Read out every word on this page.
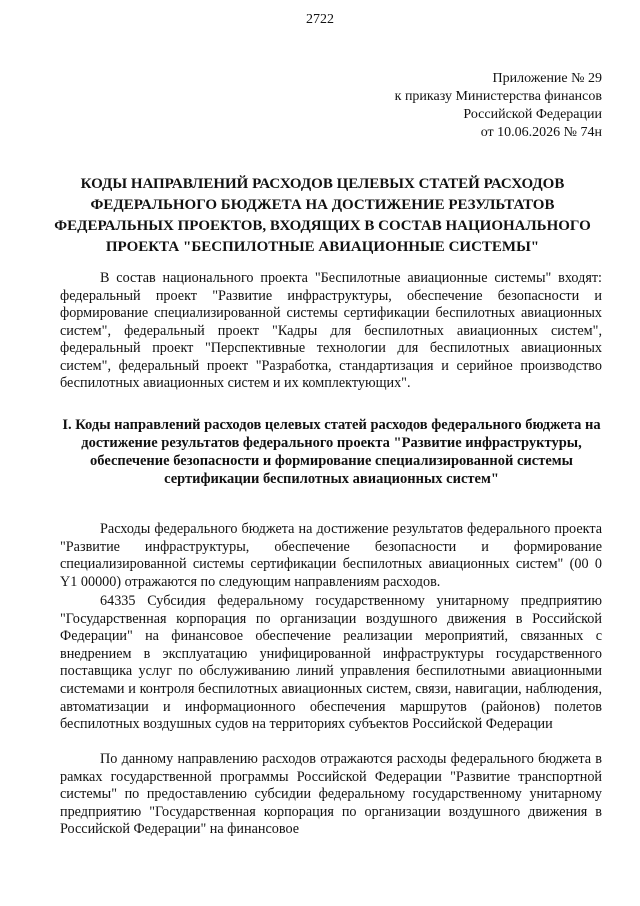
2722
Приложение № 29
к приказу Министерства финансов
Российской Федерации
от 10.06.2026 № 74н
КОДЫ НАПРАВЛЕНИЙ РАСХОДОВ ЦЕЛЕВЫХ СТАТЕЙ РАСХОДОВ ФЕДЕРАЛЬНОГО БЮДЖЕТА НА ДОСТИЖЕНИЕ РЕЗУЛЬТАТОВ ФЕДЕРАЛЬНЫХ ПРОЕКТОВ, ВХОДЯЩИХ В СОСТАВ НАЦИОНАЛЬНОГО ПРОЕКТА "БЕСПИЛОТНЫЕ АВИАЦИОННЫЕ СИСТЕМЫ"

В состав национального проекта "Беспилотные авиационные системы" входят: федеральный проект "Развитие инфраструктуры, обеспечение безопасности и формирование специализированной системы сертификации беспилотных авиационных систем", федеральный проект "Кадры для беспилотных авиационных систем", федеральный проект "Перспективные технологии для беспилотных авиационных систем", федеральный проект "Разработка, стандартизация и серийное производство беспилотных авиационных систем и их комплектующих".

I. Коды направлений расходов целевых статей расходов федерального бюджета на достижение результатов федерального проекта "Развитие инфраструктуры, обеспечение безопасности и формирование специализированной системы сертификации беспилотных авиационных систем"

Расходы федерального бюджета на достижение результатов федерального проекта "Развитие инфраструктуры, обеспечение безопасности и формирование специализированной системы сертификации беспилотных авиационных систем" (00 0 Y1 00000) отражаются по следующим направлениям расходов.

64335 Субсидия федеральному государственному унитарному предприятию "Государственная корпорация по организации воздушного движения в Российской Федерации" на финансовое обеспечение реализации мероприятий, связанных с внедрением в эксплуатацию унифицированной инфраструктуры государственного поставщика услуг по обслуживанию линий управления беспилотными авиационными системами и контроля беспилотных авиационных систем, связи, навигации, наблюдения, автоматизации и информационного обеспечения маршрутов (районов) полетов беспилотных воздушных судов на территориях субъектов Российской Федерации

По данному направлению расходов отражаются расходы федерального бюджета в рамках государственной программы Российской Федерации "Развитие транспортной системы" по предоставлению субсидии федеральному государственному унитарному предприятию "Государственная корпорация по организации воздушного движения в Российской Федерации" на финансовое
